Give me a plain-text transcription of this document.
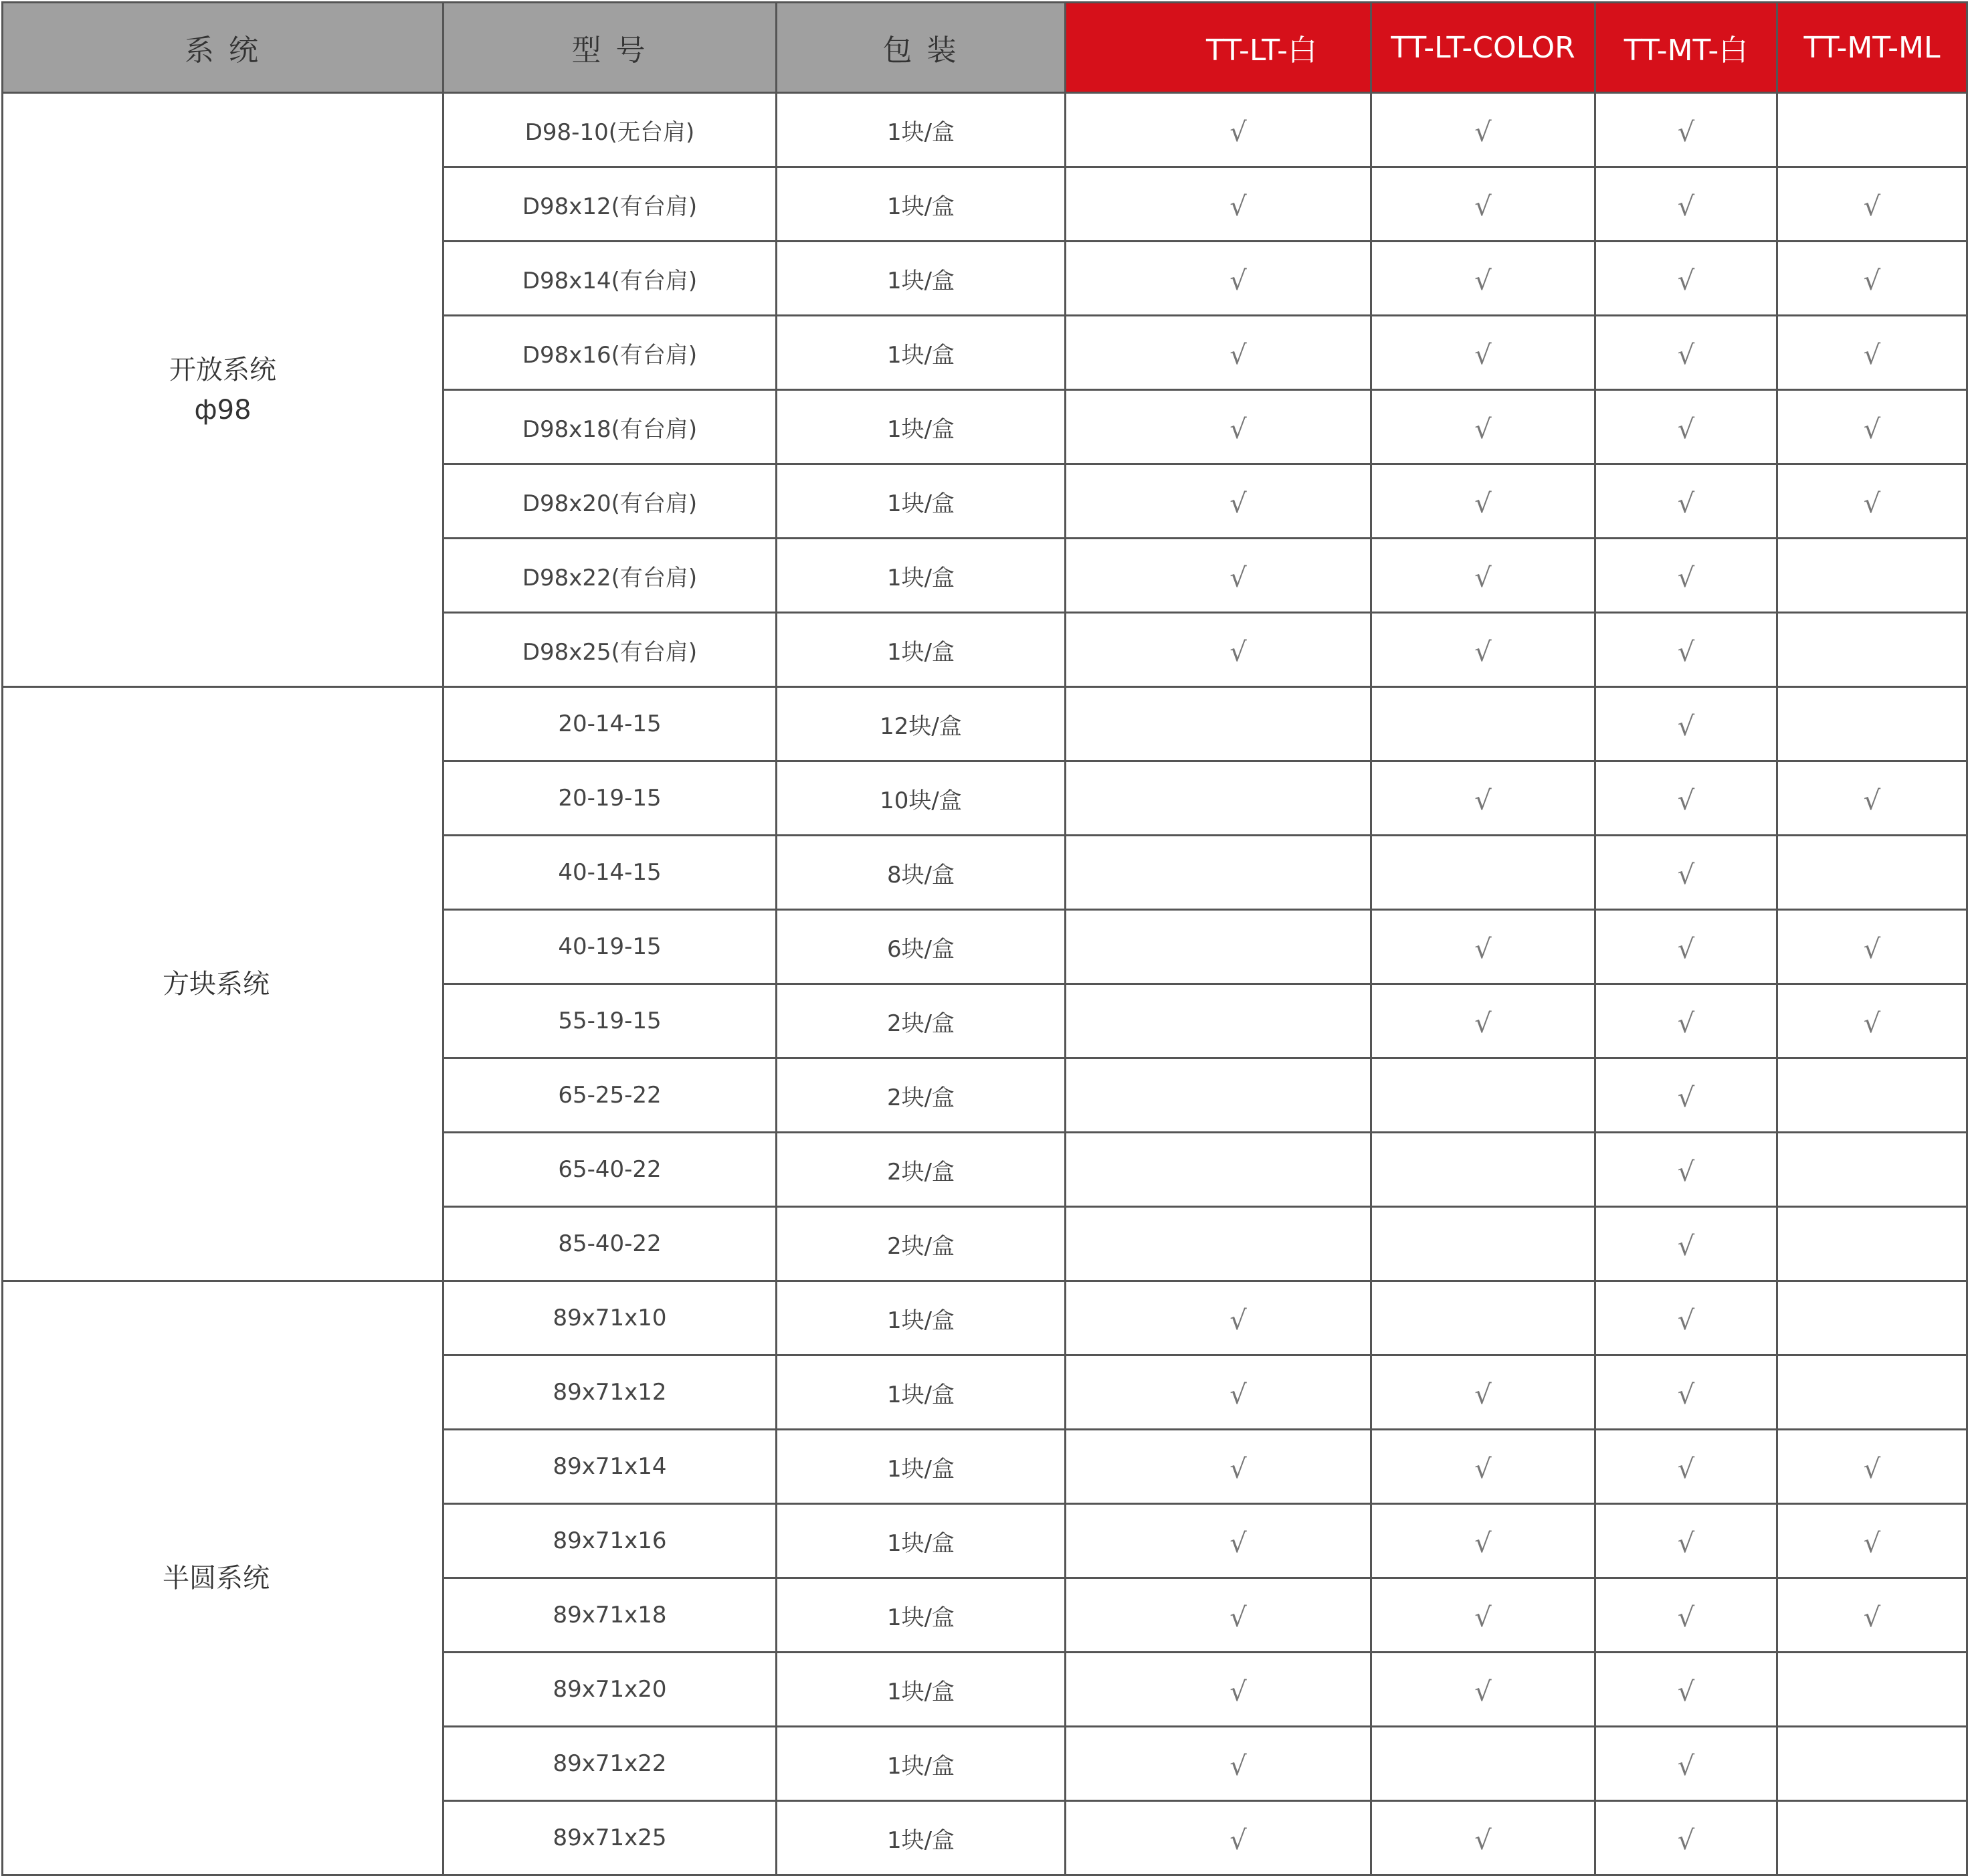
系 统	型 号	包 装	TT-LT-白	TT-LT-COLOR	TT-MT-白	TT-MT-ML

开放系统
ф98	D98-10(无台肩)	1块/盒	√	√	√	
	D98x12(有台肩)	1块/盒	√	√	√	√
	D98x14(有台肩)	1块/盒	√	√	√	√
	D98x16(有台肩)	1块/盒	√	√	√	√
	D98x18(有台肩)	1块/盒	√	√	√	√
	D98x20(有台肩)	1块/盒	√	√	√	√
	D98x22(有台肩)	1块/盒	√	√	√	
	D98x25(有台肩)	1块/盒	√	√	√	

方块系统	20-14-15	12块/盒			√	
	20-19-15	10块/盒		√	√	√
	40-14-15	8块/盒			√	
	40-19-15	6块/盒		√	√	√
	55-19-15	2块/盒		√	√	√
	65-25-22	2块/盒			√	
	65-40-22	2块/盒			√	
	85-40-22	2块/盒			√	

半圆系统	89x71x10	1块/盒	√		√	
	89x71x12	1块/盒	√	√	√	
	89x71x14	1块/盒	√	√	√	√
	89x71x16	1块/盒	√	√	√	√
	89x71x18	1块/盒	√	√	√	√
	89x71x20	1块/盒	√	√	√	
	89x71x22	1块/盒	√		√	
	89x71x25	1块/盒	√	√	√	
